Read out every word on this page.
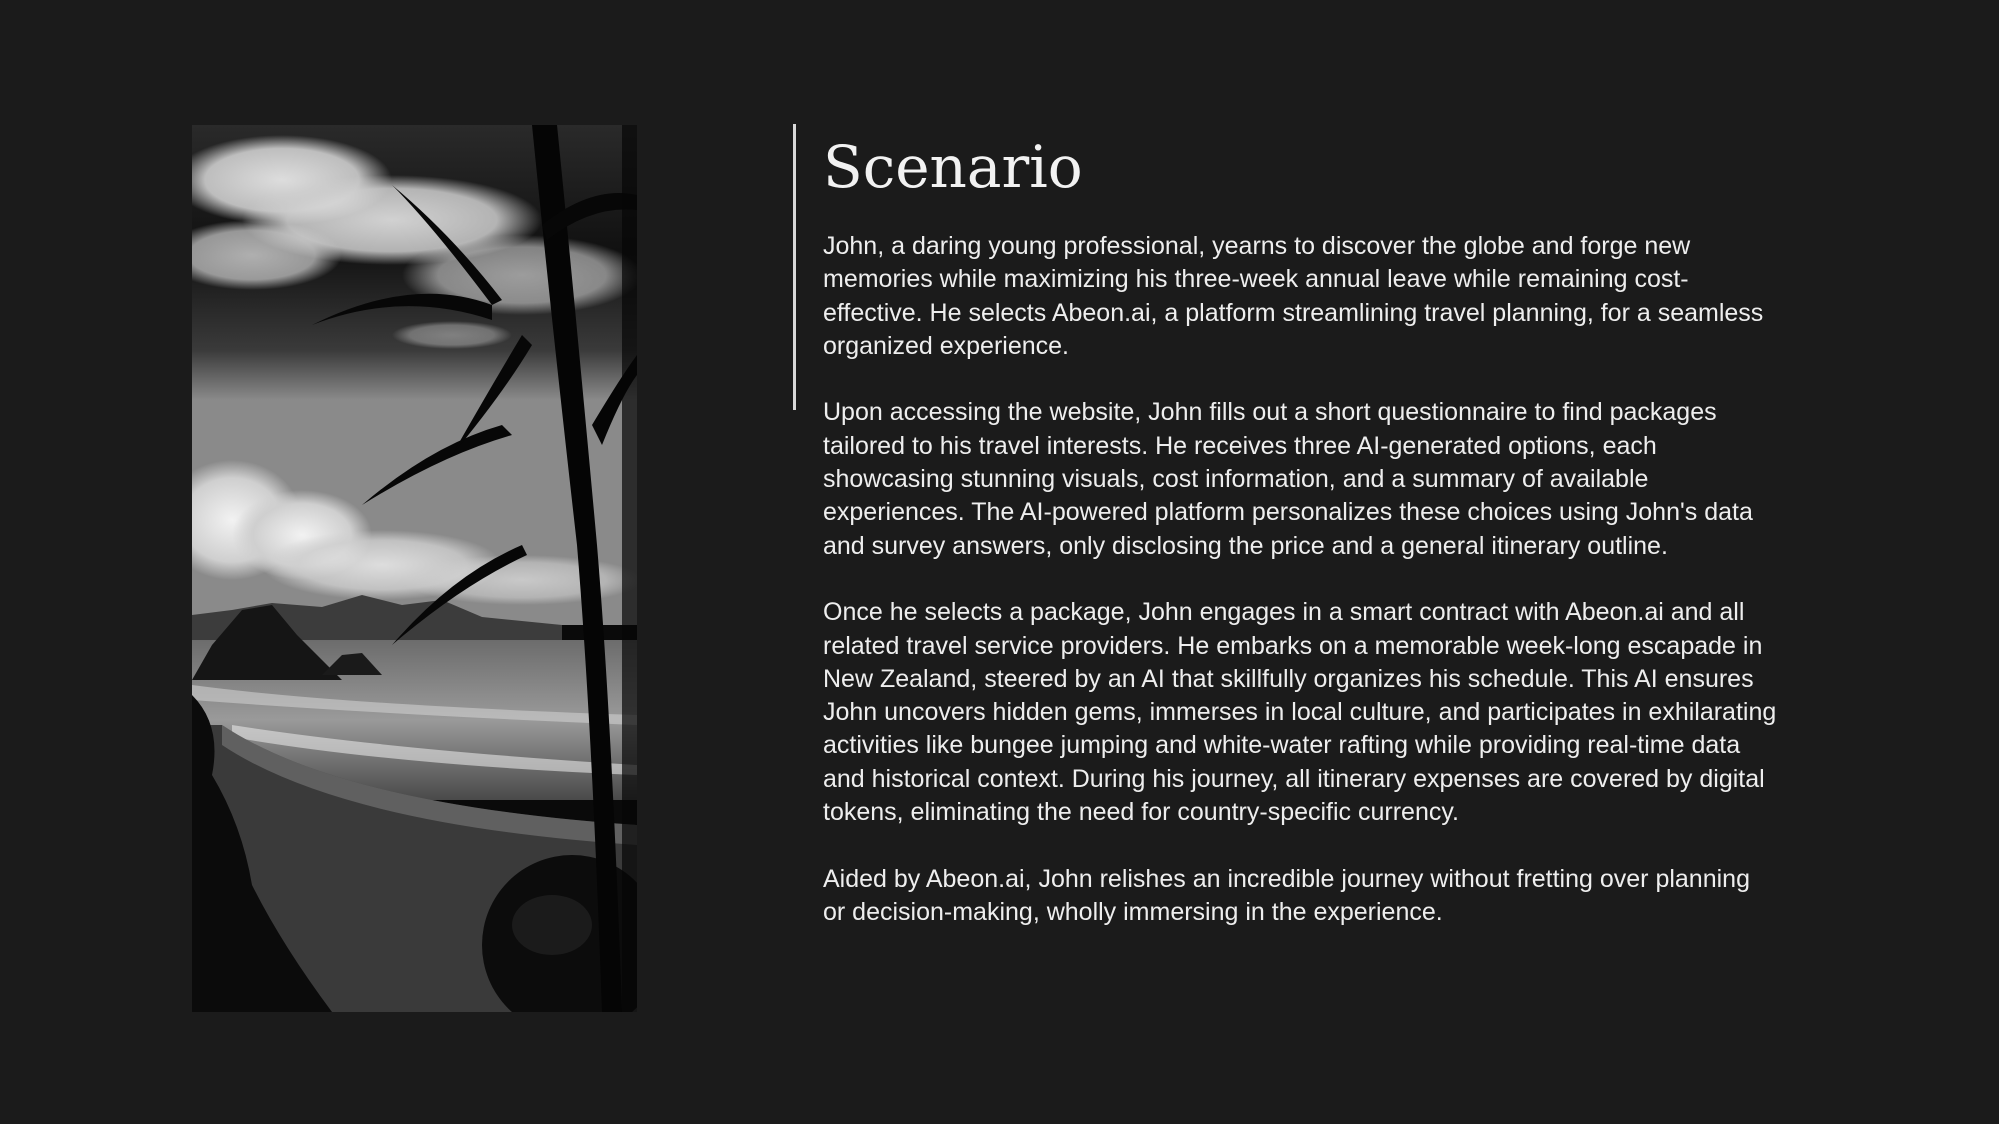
Scenario

John, a daring young professional, yearns to discover the globe and forge new
memories while maximizing his three-week annual leave while remaining cost-
effective. He selects Abeon.ai, a platform streamlining travel planning, for a seamless
organized experience.

Upon accessing the website, John fills out a short questionnaire to find packages
tailored to his travel interests. He receives three AI-generated options, each
showcasing stunning visuals, cost information, and a summary of available
experiences. The AI-powered platform personalizes these choices using John's data
and survey answers, only disclosing the price and a general itinerary outline.

Once he selects a package, John engages in a smart contract with Abeon.ai and all
related travel service providers. He embarks on a memorable week-long escapade in
New Zealand, steered by an AI that skillfully organizes his schedule. This AI ensures
John uncovers hidden gems, immerses in local culture, and participates in exhilarating
activities like bungee jumping and white-water rafting while providing real-time data
and historical context. During his journey, all itinerary expenses are covered by digital
tokens, eliminating the need for country-specific currency.

Aided by Abeon.ai, John relishes an incredible journey without fretting over planning
or decision-making, wholly immersing in the experience.
